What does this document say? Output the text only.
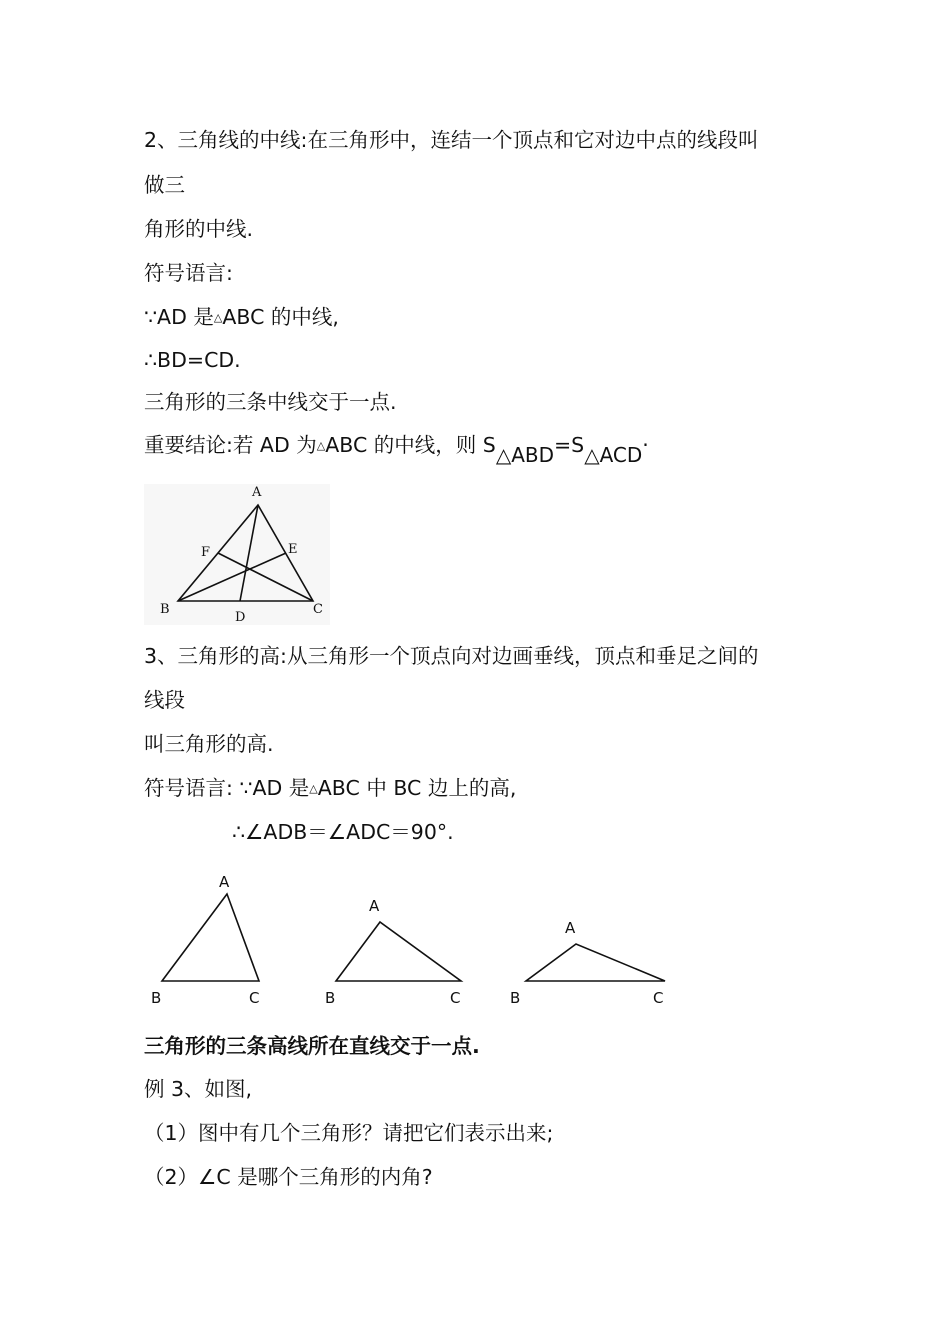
2、三角线的中线:在三角形中，连结一个顶点和它对边中点的线段叫
做三
角形的中线.
符号语言:
∵AD 是△ABC 的中线,
∴BD=CD.
三角形的三条中线交于一点.
重要结论:若 AD 为△ABC 的中线，则 S△ABD=S△ACD·
A
B	C
D
E
F
3、三角形的高:从三角形一个顶点向对边画垂线，顶点和垂足之间的
线段
叫三角形的高.
符号语言: ∵AD 是△ABC 中 BC 边上的高,
∴∠ADB＝∠ADC＝90°.
A
B	C
A
B	C
A
B	C
三角形的三条高线所在直线交于一点.
例 3、如图,
（1）图中有几个三角形？请把它们表示出来;
（2）∠C 是哪个三角形的内角?
